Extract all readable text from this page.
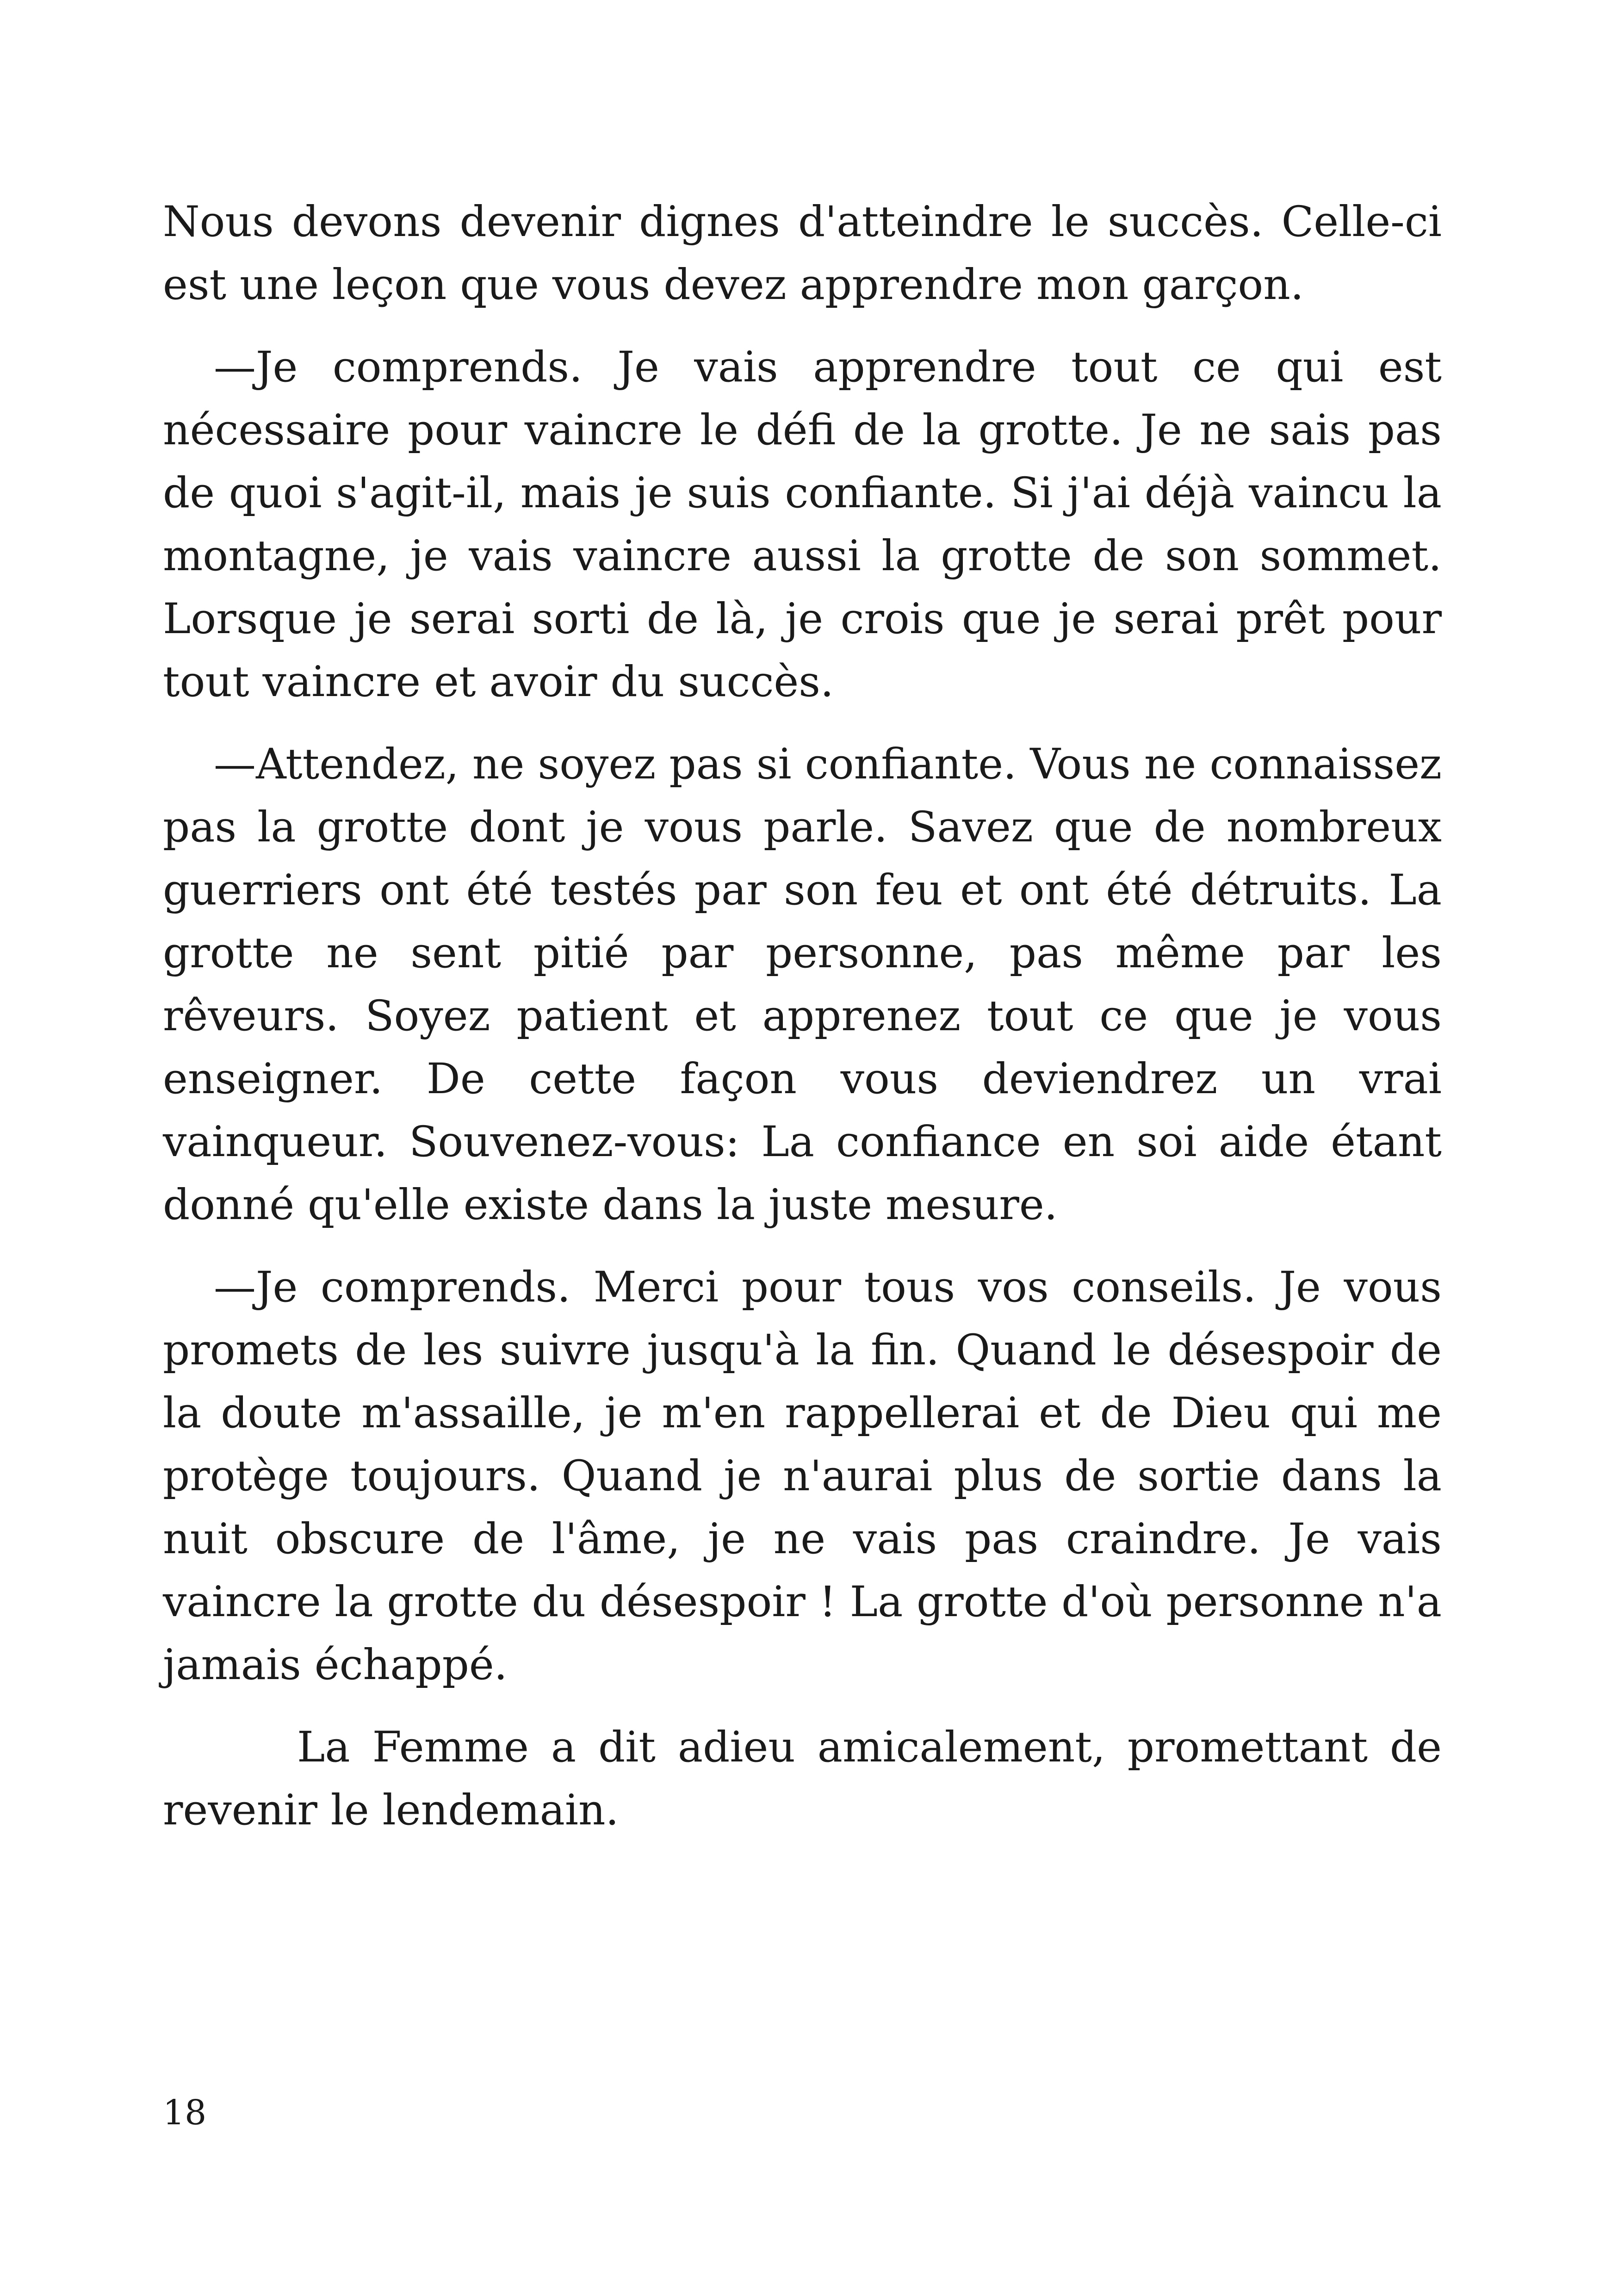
Nous devons devenir dignes d'atteindre le succès. Celle-ci est une leçon que vous devez apprendre mon garçon.

—Je comprends. Je vais apprendre tout ce qui est nécessaire pour vaincre le défi de la grotte. Je ne sais pas de quoi s'agit-il, mais je suis confiante. Si j'ai déjà vaincu la montagne, je vais vaincre aussi la grotte de son sommet. Lorsque je serai sorti de là, je crois que je serai prêt pour tout vaincre et avoir du succès.

—Attendez, ne soyez pas si confiante. Vous ne connaissez pas la grotte dont je vous parle. Savez que de nombreux guerriers ont été testés par son feu et ont été détruits. La grotte ne sent pitié par personne, pas même par les rêveurs. Soyez patient et apprenez tout ce que je vous enseigner. De cette façon vous deviendrez un vrai vainqueur. Souvenez-vous: La confiance en soi aide étant donné qu'elle existe dans la juste mesure.

—Je comprends. Merci pour tous vos conseils. Je vous promets de les suivre jusqu'à la fin. Quand le désespoir de la doute m'assaille, je m'en rappellerai et de Dieu qui me protège toujours. Quand je n'aurai plus de sortie dans la nuit obscure de l'âme, je ne vais pas craindre. Je vais vaincre la grotte du désespoir ! La grotte d'où personne n'a jamais échappé.

La Femme a dit adieu amicalement, promettant de revenir le lendemain.

18
